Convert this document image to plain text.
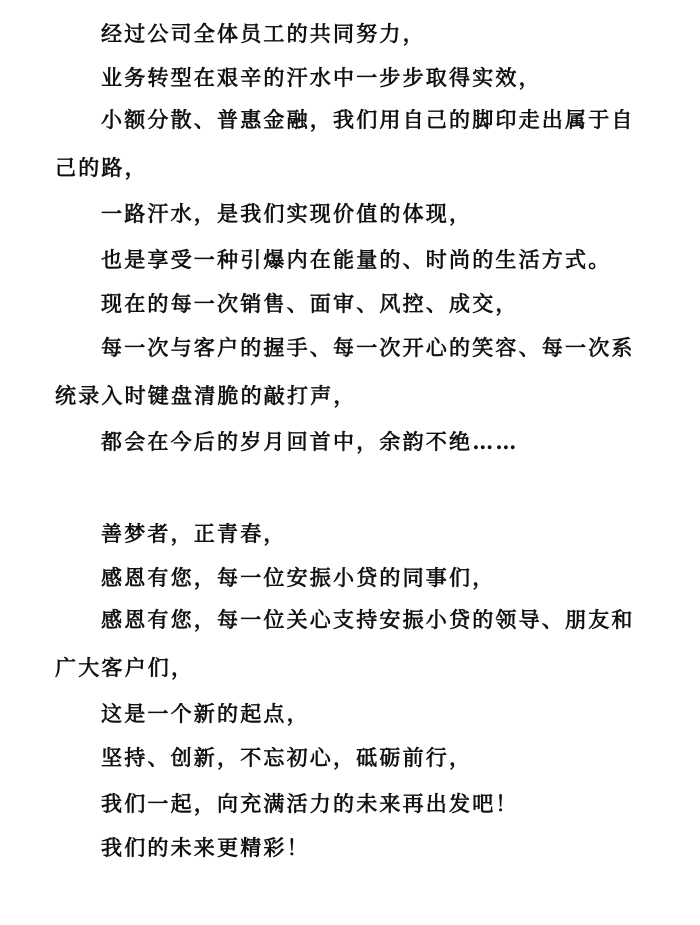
经过公司全体员工的共同努力，
业务转型在艰辛的汗水中一步步取得实效，
小额分散、普惠金融，我们用自己的脚印走出属于自己的路，
一路汗水，是我们实现价值的体现，
也是享受一种引爆内在能量的、时尚的生活方式。
现在的每一次销售、面审、风控、成交，
每一次与客户的握手、每一次开心的笑容、每一次系统录入时键盘清脆的敲打声，
都会在今后的岁月回首中，余韵不绝……
善梦者，正青春，
感恩有您，每一位安振小贷的同事们，
感恩有您，每一位关心支持安振小贷的领导、朋友和广大客户们，
这是一个新的起点，
坚持、创新，不忘初心，砥砺前行，
我们一起，向充满活力的未来再出发吧！
我们的未来更精彩！
